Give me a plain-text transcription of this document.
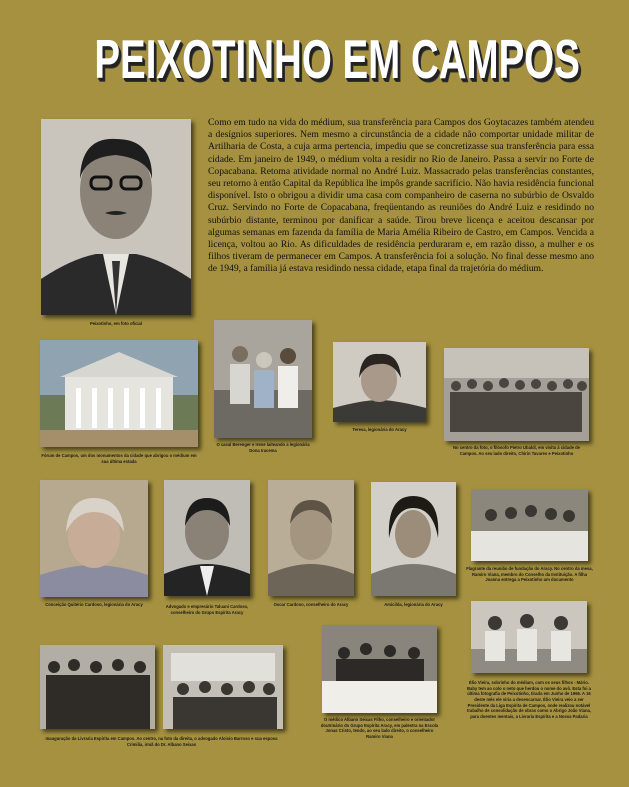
PEIXOTINHO EM CAMPOS
Peixotinho, em foto oficial

Como em tudo na vida do médium, sua transferência para Campos dos Goytacazes também atendeu a desígnios superiores. Nem mesmo a circunstância de a cidade não comportar unidade militar de Artilharia de Costa, a cuja arma pertencia, impediu que se concretizasse sua transferência para essa cidade. Em janeiro de 1949, o médium volta a residir no Rio de Janeiro. Passa a servir no Forte de Copacabana. Retoma atividade normal no André Luiz. Massacrado pelas transferências constantes, seu retorno à então Capital da República lhe impôs grande sacrifício. Não havia residência funcional disponível. Isto o obrigou a dividir uma casa com companheiro de caserna no subúrbio de Osvaldo Cruz. Servindo no Forte de Copacabana, freqüentando as reuniões do André Luiz e residindo no subúrbio distante, terminou por danificar a saúde. Tirou breve licença e aceitou descansar por algumas semanas em fazenda da família de Maria Amélia Ribeiro de Castro, em Campos. Vencida a licença, voltou ao Rio. As dificuldades de residência perduraram e, em razão disso, a mulher e os filhos tiveram de permanecer em Campos. A transferência foi a solução. No final desse mesmo ano de 1949, a família já estava residindo nessa cidade, etapa final da trajetória do médium.

Fórum de Campos, um dos monumentos da cidade que abrigou o médium em sua última estada
O casal Berenger e Irene laiteando a legionária Dona Iracema
Teresa, legionária do Aracy
No centro da foto, o filósofo Pietro Ubaldi, em visita à cidade de Campos. Ao seu lado direito, Chirin Tavares e Peixotinho
Conceição Quitério Cardoso, legionária do Aracy	Advogado e empresário Taluani Cardoso, conselheiro do Grupo Espírita Aracy
Oscar Cardoso, conselheiro do Aracy	Amicilda, legionária do Aracy
Flagrante da reunião de fundação do Aracy. No centro da mesa, Ramiro Viana, membro do Conselho da Instituição. A filha Joanna entrega a Peixotinho um documento
Inauguração da Livraria Espírita em Campos. Ao centro, na foto da direita, o advogado Aloisio Barroso e sua esposa Crimilia, irmã do Dr. Albano Seixas
O médico Albano Seixas Filho, conselheiro e orientador doutrinário do Grupo Espírita Aracy, em palestra na Escola Jonas Cristo, tendo, ao seu lado direito, o conselheiro Ramiro Viana
Élio Vieira, sobrinho do médium, com os seus filhos - Mário. Baby tem ao colo o neto que herdou o nome do avô. Esta foi a última fotografia de Peixotinho, tirada em Junho de 1966. A 16 deste mês ele viria a desencarnar. Élio Vieira veio a ser Presidente da Liga Espírita de Campos, onde realizou notável trabalho de consolidação de obras como o Abrigo João Viana, para doentes mentais, a Livraria Espírita e a Nossa Padaria
